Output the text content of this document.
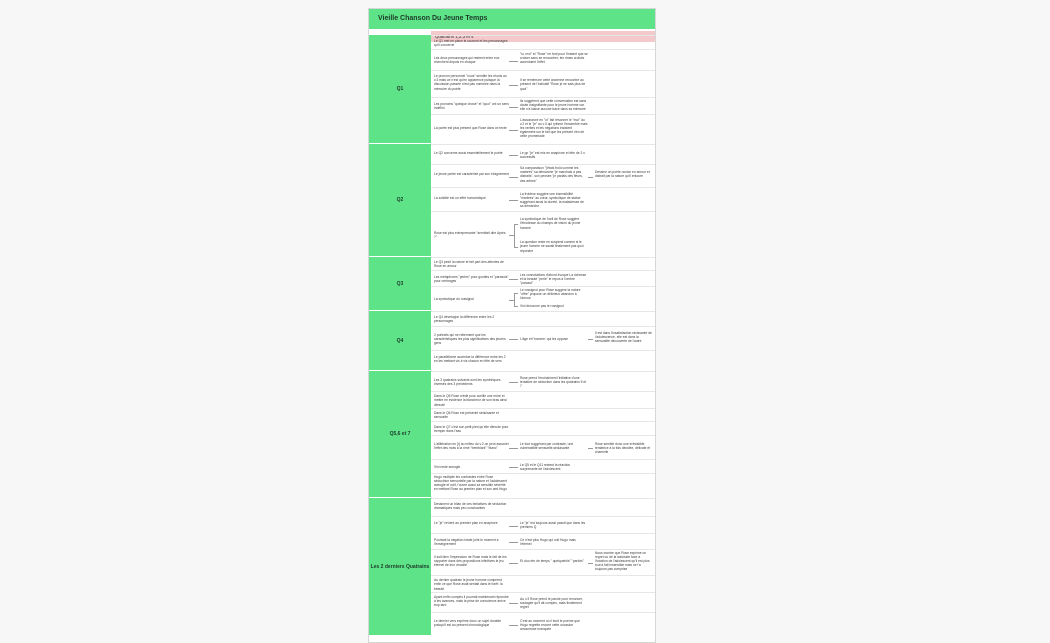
Vieille Chanson Du Jeune Temps
Quatrains 1,2,3 et 4
Q1
Q2
Q3
Q4
Q5,6 et 7
Les 2 derniers Quatrains
Le Q1 met en place le souvent et les personnages qu'il concerne
Les deux personnages qui restrent entre eux cherchent depuis en chaque
"si, moi" et "Rose" ne font pour l'instant que se croiser sans se rencontrer, les rimes croisés accentuent l'effet
Le pronom personnel "nous" semble les réunis au v.3 mais ce n'est qu'en apparence puisque la discussion passée n'est pas nommée dans la mémoire du poète
Il se remémore cette ancienne rencontre au présent de l'indicatif "Rose je ne sais plus de quoi"
Les pronoms "quelque chose" et "quoi" ont un sens indéfini
Ils suggèrent que cette conversation est sans doute insignifiante pour le jeune homme car elle n'a laissé aucune trace dans sa mémoire
La poète est plus présent que Rose dans ce texte
L'assonance en "oi" fait résonner le "moi" du v.2 et le "je" au v.3 qui rythme l'ensemble mais les verbes et les négations insistent également sur le fait que les présent rien de cette promenade
Le Q2 concerne aussi essentiellement le poète	Le pp "je" est mis en anaphore et tête de 3 v. successifs
Le jeune poète est caractérisé par son éloignement
Sa comparaison "j'étais froid comme les marbres" sa démarche "je marchais à pas distraits", son pensée "je parlais des fleurs, des arbres"
Dessine un poète novice en amour et distrait par la nature qu'il entoure
La solidité est un effet humoristique
La froideur suggère une insensibilité "marbres" au cœur, symbolique de statue suggérant aussi la dureté, la maladresse de sa démarche
Rose est plus entreprenante "semblait dire Après ?"
La symbolique de l'oeil de Rose suggère l'étrodesse du champs de vision du jeune homme
La question reste en suspend comme si le jeune homme ne savait finalement pas quoi répondre
Le Q3 peint la nature et fait part des attentes de Rose en amour
Les métaphores "perles" pour gouttes et "parasols" pour ombrages
Les connotations d'abord évoque La richesse et la beauté "perle" le repos à l'ombre "parasol"
La symbolique du rossignol
Le rossignol pour Rose suggère la nature "offre" propose un délicieux abandon à l'amour
Vini découvre pas le rossignol
Le Q4 développe la différence entre les 2 personnages
2 portraits qui ne retiennent que les caractéristiques les plus significatives des jeunes gens
L'âge et l'homme: qui les oppose
Il est dans l'insatisfaction ravissante de l'adolescence, elle est dans la sensualité découverte de l'autre
Le parallélisme accentue la différence entre les 2 en les mettant vis à vis chacun en fête de vers
Les 3 quatrains suivants sont les symétriques inversés des 3 précédents
Rose prend l'enchaîment l'initiative d'une tentative de séduction dans les quatrains 5 et 7
Dans le Q5 Rose crédé pour cueillir une mûre et mettre en évidence la blancheur de son bras ainsi dénudé
Dans le Q6 Rose est présenté séduisante et sensuelle
Dans le Q7 c'est son petit pied qu'elle dénude pour tremper dans l'eau
L'allitération en [r] au milieu du v.2 on peut associer l'effet des mots à la rime "tremblant" "blanc"
Le tout suggérant par contraste, une vulnérabilité sensuelle,séduisante
Rose semble donc une irrésistible tentatrice à la fois décidée, délicate et charnelle
Vini reste aveugle
Le Q5 et le Q11 restent la réaction surprenante de l'adolescent
Hugo multiplie les contrastes entre Rose séductrice sensorielle par la nature et l'adolescent aveugle et naïf, l'ouvre aussi sa sensible sévérité en mettant Rose au premier plan et son ami Hugo
Dessinent un bilan de ces tentatives de séduction dramatiques mais peu concluantes
Le "je" revient au premier plan en anaphore	Le "je" est toujours aussi passif que dans les premiers Q
Pourtant la négation totale joint le moment à l'enseignement
Ce n'est plus Hugo qui cult Hugo mais l'éternel
Il soit bien l'impression de Rose mais le fait de les rapporter dans des propositions infinitives le jeu éternel de leur vivacité
Et duo ebr de temps " quelquefois" "parfois"
Nous montre que Rose exprime un regret ou de la lassitude face à l'inaction de l'adolescent qu'il est plus tout à fait insensible mais ne l'a toujours pas comprise
Au dernier quatrain le jeune homme comprend enfin ce que Rose avait sentait dans le forêt: la beauté
Ayant enfin compris il pourrait maintenant répondre à les avances, mais la prise de conscience arrive trop tard
Au v.3 Rose prend le parole pour renoncer, soulagée qu'il ait compris, mais finalement regret
Le dernier vers exprime donc un sujet durable puisqu'il est au présent chronologique
C'est au moment où il écrit le poème que Hugo regrette encore cette occasion amoureuse manquée
